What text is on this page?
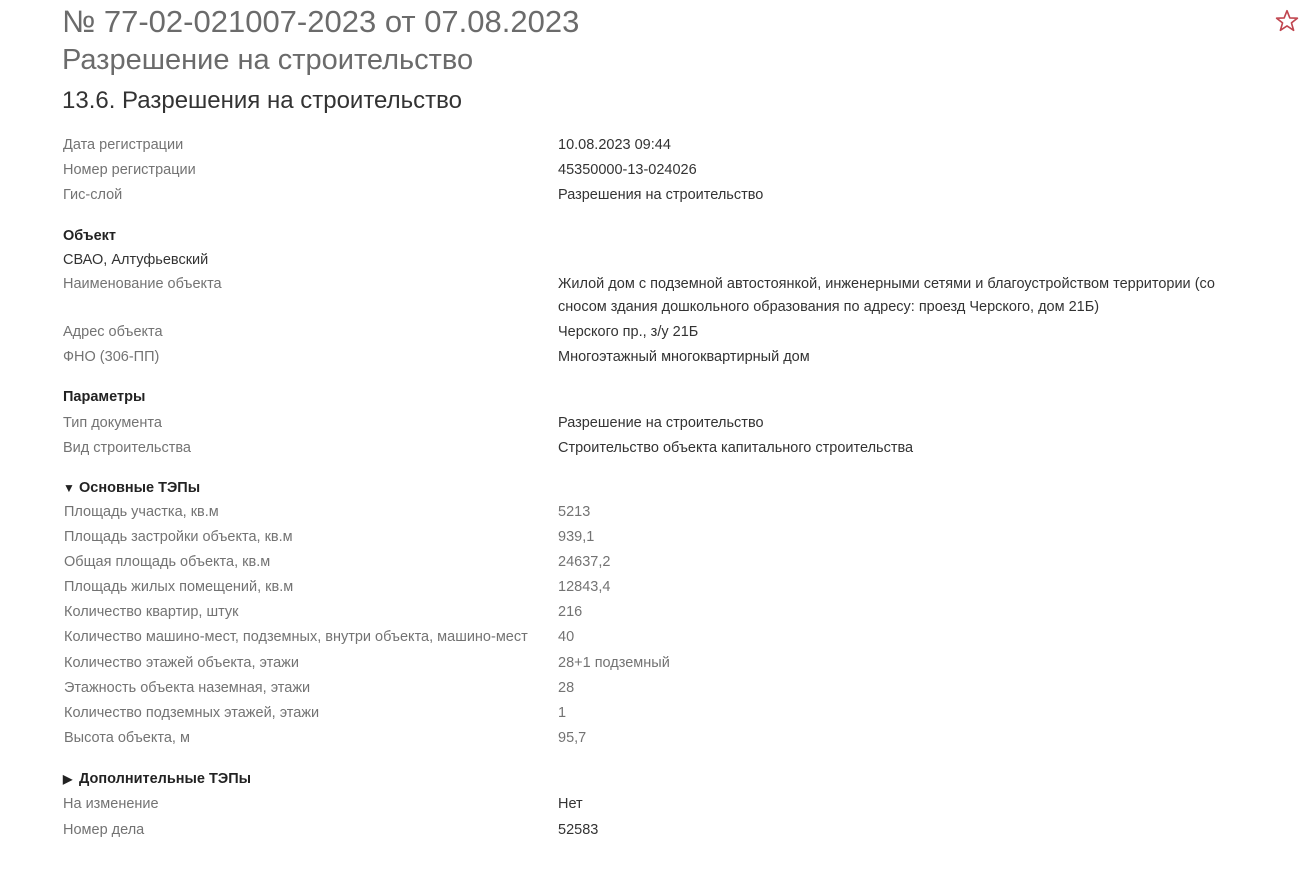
№ 77-02-021007-2023 от 07.08.2023
Разрешение на строительство
13.6. Разрешения на строительство
Дата регистрации	10.08.2023 09:44
Номер регистрации	45350000-13-024026
Гис-слой	Разрешения на строительство
Объект
СВАО, Алтуфьевский
Наименование объекта	Жилой дом с подземной автостоянкой, инженерными сетями и благоустройством территории (со сносом здания дошкольного образования по адресу: проезд Черского, дом 21Б)
Адрес объекта	Черского пр., з/у 21Б
ФНО (306-ПП)	Многоэтажный многоквартирный дом
Параметры
Тип документа	Разрешение на строительство
Вид строительства	Строительство объекта капитального строительства
▼ Основные ТЭПы
Площадь участка, кв.м	5213
Площадь застройки объекта, кв.м	939,1
Общая площадь объекта, кв.м	24637,2
Площадь жилых помещений, кв.м	12843,4
Количество квартир, штук	216
Количество машино-мест, подземных, внутри объекта, машино-мест 40
Количество этажей объекта, этажи	28+1 подземный
Этажность объекта наземная, этажи	28
Количество подземных этажей, этажи	1
Высота объекта, м	95,7
▶ Дополнительные ТЭПы
На изменение	Нет
Номер дела	52583
